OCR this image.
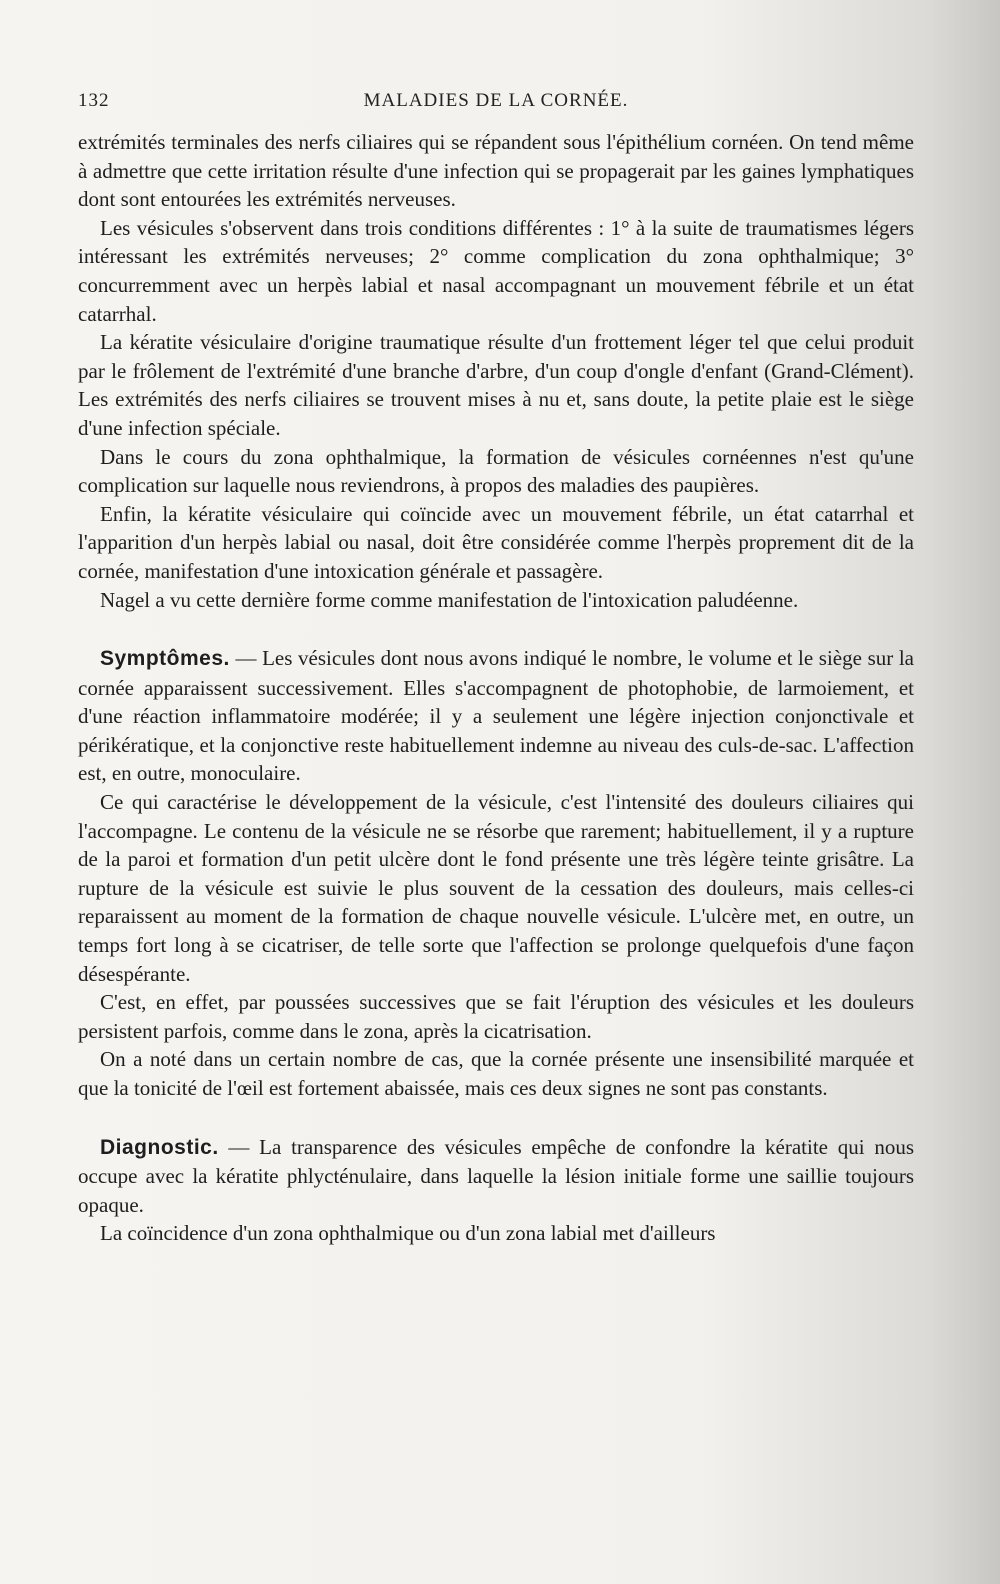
132	MALADIES DE LA CORNÉE.

extrémités terminales des nerfs ciliaires qui se répandent sous l'épithélium cornéen. On tend même à admettre que cette irritation résulte d'une infection qui se propagerait par les gaines lymphatiques dont sont entourées les extrémités nerveuses.

Les vésicules s'observent dans trois conditions différentes : 1° à la suite de traumatismes légers intéressant les extrémités nerveuses; 2° comme complication du zona ophthalmique; 3° concurremment avec un herpès labial et nasal accompagnant un mouvement fébrile et un état catarrhal.

La kératite vésiculaire d'origine traumatique résulte d'un frottement léger tel que celui produit par le frôlement de l'extrémité d'une branche d'arbre, d'un coup d'ongle d'enfant (Grand-Clément). Les extrémités des nerfs ciliaires se trouvent mises à nu et, sans doute, la petite plaie est le siège d'une infection spéciale.

Dans le cours du zona ophthalmique, la formation de vésicules cornéennes n'est qu'une complication sur laquelle nous reviendrons, à propos des maladies des paupières.

Enfin, la kératite vésiculaire qui coïncide avec un mouvement fébrile, un état catarrhal et l'apparition d'un herpès labial ou nasal, doit être considérée comme l'herpès proprement dit de la cornée, manifestation d'une intoxication générale et passagère.

Nagel a vu cette dernière forme comme manifestation de l'intoxication paludéenne.

Symptômes. — Les vésicules dont nous avons indiqué le nombre, le volume et le siège sur la cornée apparaissent successivement. Elles s'accompagnent de photophobie, de larmoiement, et d'une réaction inflammatoire modérée; il y a seulement une légère injection conjonctivale et périkératique, et la conjonctive reste habituellement indemne au niveau des culs-de-sac. L'affection est, en outre, monoculaire.

Ce qui caractérise le développement de la vésicule, c'est l'intensité des douleurs ciliaires qui l'accompagne. Le contenu de la vésicule ne se résorbe que rarement; habituellement, il y a rupture de la paroi et formation d'un petit ulcère dont le fond présente une très légère teinte grisâtre. La rupture de la vésicule est suivie le plus souvent de la cessation des douleurs, mais celles-ci reparaissent au moment de la formation de chaque nouvelle vésicule. L'ulcère met, en outre, un temps fort long à se cicatriser, de telle sorte que l'affection se prolonge quelquefois d'une façon désespérante.

C'est, en effet, par poussées successives que se fait l'éruption des vésicules et les douleurs persistent parfois, comme dans le zona, après la cicatrisation.

On a noté dans un certain nombre de cas, que la cornée présente une insensibilité marquée et que la tonicité de l'œil est fortement abaissée, mais ces deux signes ne sont pas constants.

Diagnostic. — La transparence des vésicules empêche de confondre la kératite qui nous occupe avec la kératite phlycténulaire, dans laquelle la lésion initiale forme une saillie toujours opaque.

La coïncidence d'un zona ophthalmique ou d'un zona labial met d'ailleurs
